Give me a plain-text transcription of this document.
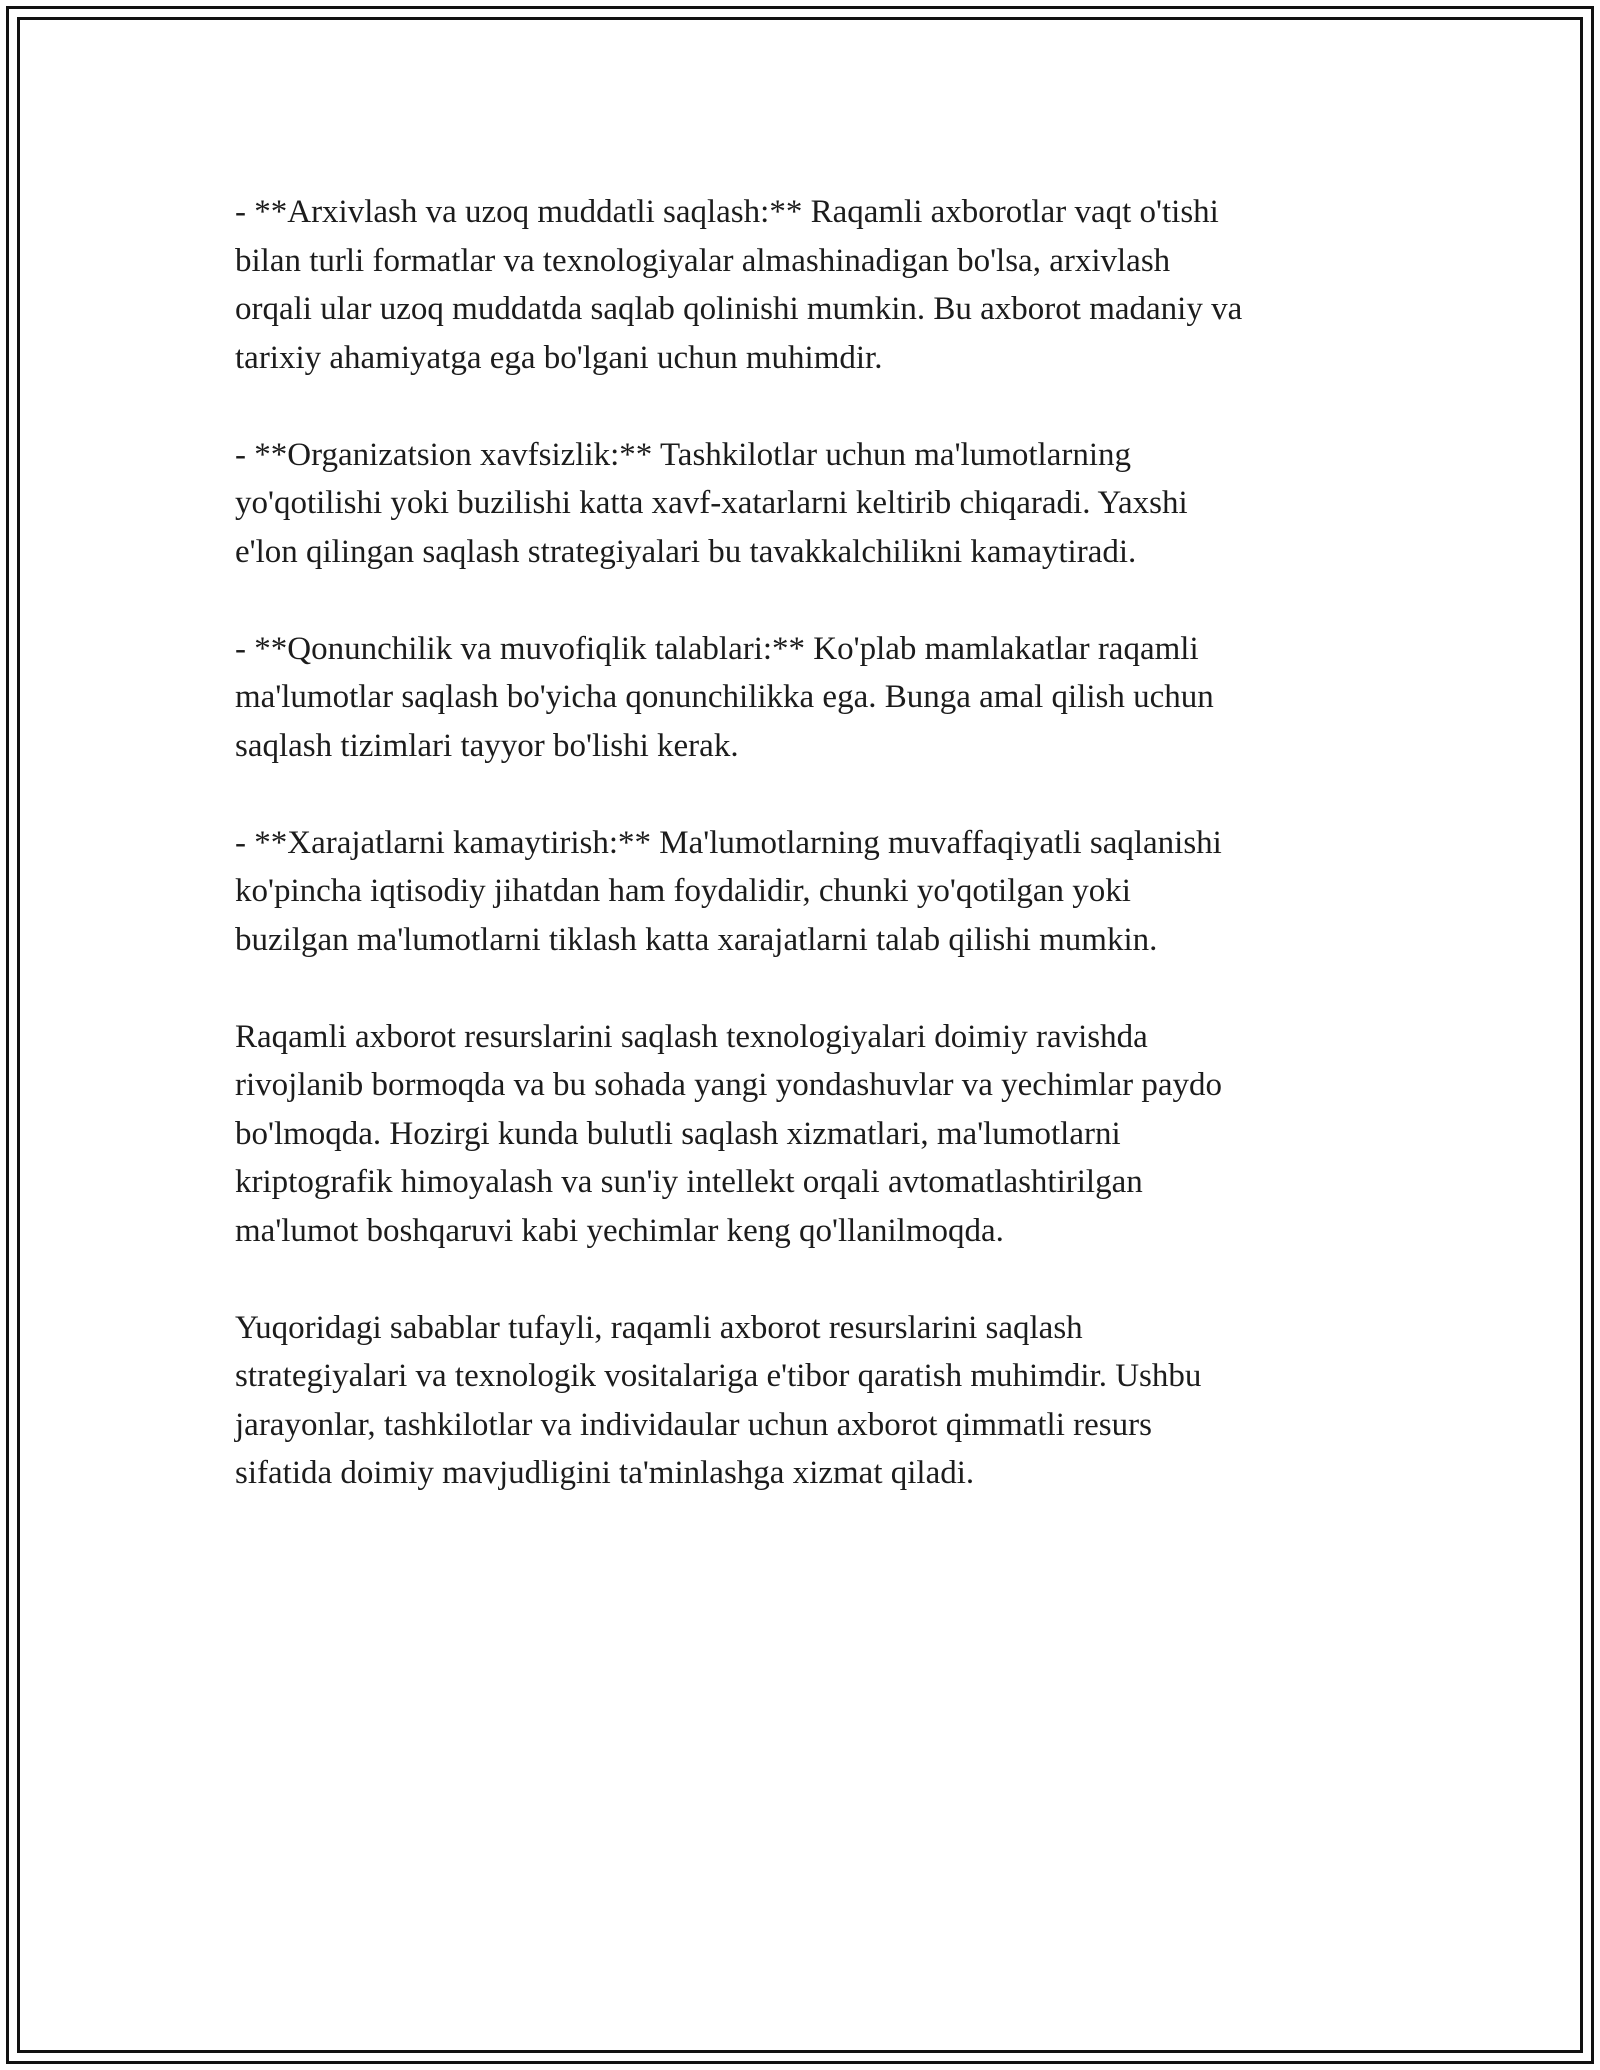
- **Arxivlash va uzoq muddatli saqlash:** Raqamli axborotlar vaqt o'tishi
bilan turli formatlar va texnologiyalar almashinadigan bo'lsa, arxivlash
orqali ular uzoq muddatda saqlab qolinishi mumkin. Bu axborot madaniy va
tarixiy ahamiyatga ega bo'lgani uchun muhimdir.

- **Organizatsion xavfsizlik:** Tashkilotlar uchun ma'lumotlarning
yo'qotilishi yoki buzilishi katta xavf-xatarlarni keltirib chiqaradi. Yaxshi
e'lon qilingan saqlash strategiyalari bu tavakkalchilikni kamaytiradi.

- **Qonunchilik va muvofiqlik talablari:** Ko'plab mamlakatlar raqamli
ma'lumotlar saqlash bo'yicha qonunchilikka ega. Bunga amal qilish uchun
saqlash tizimlari tayyor bo'lishi kerak.

- **Xarajatlarni kamaytirish:** Ma'lumotlarning muvaffaqiyatli saqlanishi
ko'pincha iqtisodiy jihatdan ham foydalidir, chunki yo'qotilgan yoki
buzilgan ma'lumotlarni tiklash katta xarajatlarni talab qilishi mumkin.

Raqamli axborot resurslarini saqlash texnologiyalari doimiy ravishda
rivojlanib bormoqda va bu sohada yangi yondashuvlar va yechimlar paydo
bo'lmoqda. Hozirgi kunda bulutli saqlash xizmatlari, ma'lumotlarni
kriptografik himoyalash va sun'iy intellekt orqali avtomatlashtirilgan
ma'lumot boshqaruvi kabi yechimlar keng qo'llanilmoqda.

Yuqoridagi sabablar tufayli, raqamli axborot resurslarini saqlash
strategiyalari va texnologik vositalariga e'tibor qaratish muhimdir. Ushbu
jarayonlar, tashkilotlar va individaular uchun axborot qimmatli resurs
sifatida doimiy mavjudligini ta'minlashga xizmat qiladi.
